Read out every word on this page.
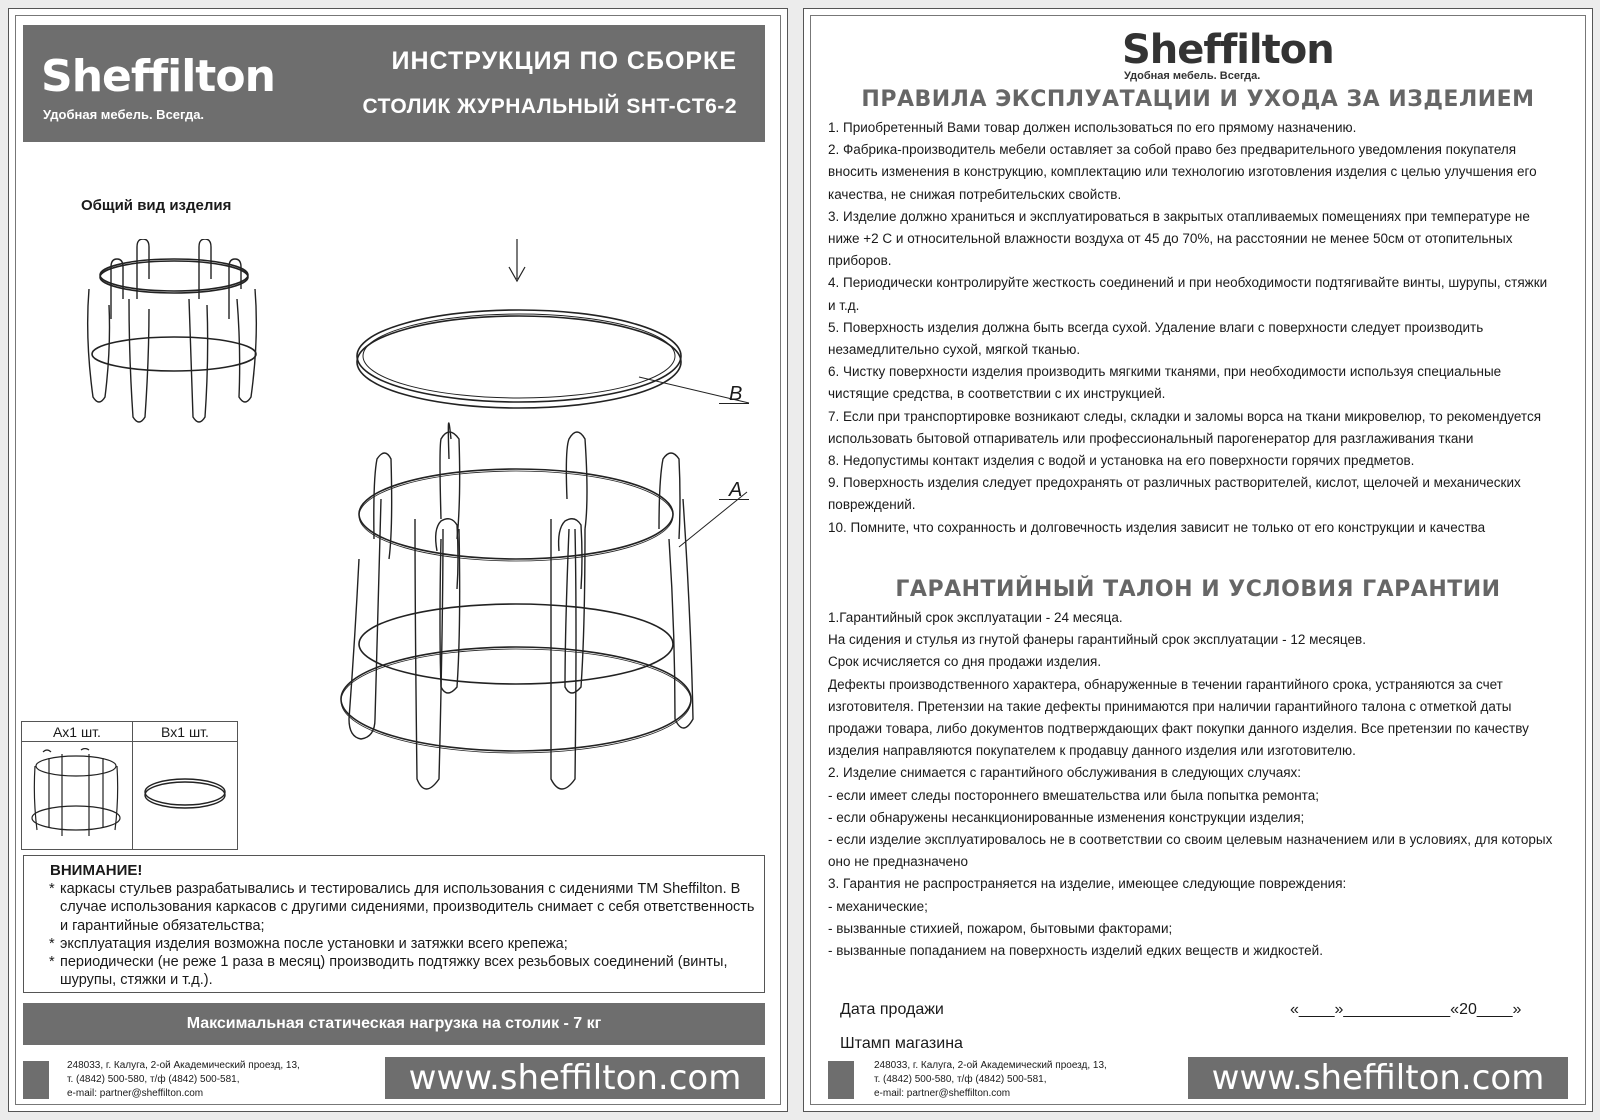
Sheffilton
Удобная мебель. Всегда.
ИНСТРУКЦИЯ ПО СБОРКЕ
СТОЛИК ЖУРНАЛЬНЫЙ SHT-CT6-2
Общий вид изделия
B
A
Аx1 шт.	Вx1 шт.

ВНИМАНИЕ!
* каркасы стульев разрабатывались и тестировались для использования с сидениями ТМ Sheffilton. В случае использования каркасов с другими сидениями, производитель снимает с себя ответственность и гарантийные обязательства;
* эксплуатация изделия возможна после установки и затяжки всего крепежа;
* периодически (не реже 1 раза в месяц) производить подтяжку всех резьбовых соединений (винты, шурупы, стяжки и т.д.).
Максимальная статическая нагрузка на столик - 7 кг
248033, г. Калуга, 2-ой Академический проезд, 13,
т. (4842) 500-580, т/ф (4842) 500-581,
e-mail: partner@sheffilton.com	www.sheffilton.com
Sheffilton
Удобная мебель. Всегда.
ПРАВИЛА ЭКСПЛУАТАЦИИ И УХОДА ЗА ИЗДЕЛИЕМ
1. Приобретенный Вами товар должен использоваться по его прямому назначению.
2. Фабрика-производитель мебели оставляет за собой право без предварительного уведомления покупателя вносить изменения в конструкцию, комплектацию или технологию изготовления изделия с целью улучшения его качества, не снижая потребительских свойств.
3. Изделие должно храниться и эксплуатироваться в закрытых отапливаемых помещениях при температуре не ниже +2 С и относительной влажности воздуха от 45 до 70%, на расстоянии не менее 50см от отопительных приборов.
4. Периодически контролируйте жесткость соединений и при необходимости подтягивайте винты, шурупы, стяжки и т.д.
5. Поверхность изделия должна быть всегда сухой. Удаление влаги с поверхности следует производить незамедлительно сухой, мягкой тканью.
6. Чистку поверхности изделия производить мягкими тканями, при необходимости используя специальные чистящие средства, в соответствии с их инструкцией.
7. Если при транспортировке возникают следы, складки и заломы ворса на ткани микровелюр, то рекомендуется использовать бытовой отпариватель или профессиональный парогенератор для разглаживания ткани
8. Недопустимы контакт изделия с водой и установка на его поверхности горячих предметов.
9. Поверхность изделия следует предохранять от различных растворителей, кислот, щелочей и механических повреждений.
10. Помните, что сохранность и долговечность изделия зависит не только от его конструкции и качества
ГАРАНТИЙНЫЙ ТАЛОН И УСЛОВИЯ ГАРАНТИИ
1.Гарантийный срок эксплуатации - 24 месяца.
На сидения и стулья из гнутой фанеры гарантийный срок эксплуатации - 12 месяцев.
Срок исчисляется со дня продажи изделия.
Дефекты производственного характера, обнаруженные в течении гарантийного срока, устраняются за счет изготовителя. Претензии на такие дефекты принимаются при наличии гарантийного талона с отметкой даты продажи товара, либо документов подтверждающих факт покупки данного изделия. Все претензии по качеству изделия направляются покупателем к продавцу данного изделия или изготовителю.
2. Изделие снимается с гарантийного обслуживания в следующих случаях:
- если имеет следы постороннего вмешательства или была попытка ремонта;
- если обнаружены несанкционированные изменения конструкции изделия;
- если изделие эксплуатировалось не в соответствии со своим целевым назначением или в условиях, для которых оно не предназначено
3. Гарантия не распространяется на изделие, имеющее следующие повреждения:
- механические;
- вызванные стихией, пожаром, бытовыми факторами;
- вызванные попаданием на поверхность изделий едких веществ и жидкостей.
Дата продажи	«____»____________«20____»
Штамп магазина
248033, г. Калуга, 2-ой Академический проезд, 13,
т. (4842) 500-580, т/ф (4842) 500-581,
e-mail: partner@sheffilton.com	www.sheffilton.com
